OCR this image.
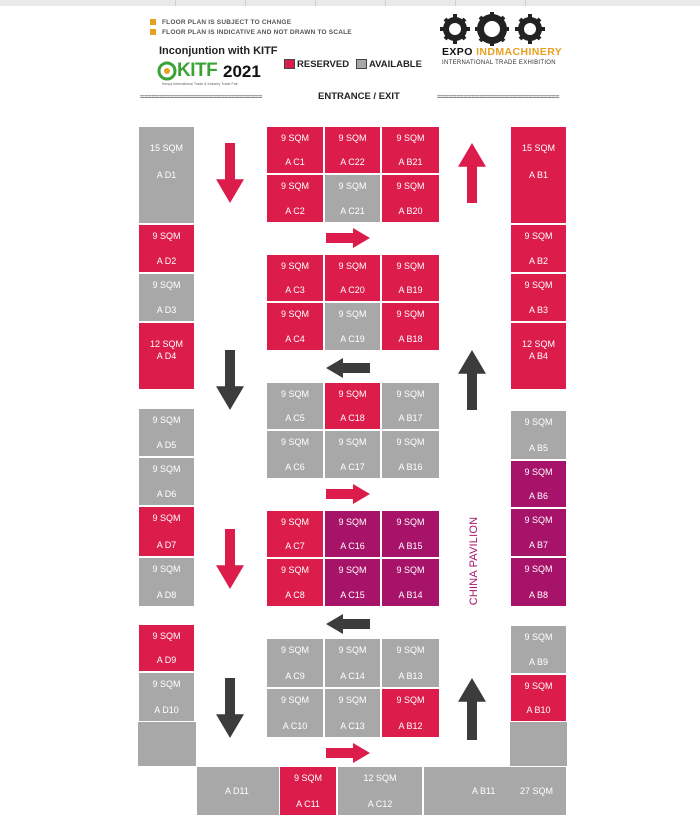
FLOOR PLAN IS SUBJECT TO CHANGE
FLOOR PLAN IS INDICATIVE AND NOT DRAWN TO SCALE
Inconjuntion with KITF
KITF 2021
Kenya International Trade & Industry Trade Fair
RESERVED AVAILABLE
================================	ENTRANCE / EXIT	================================
EXPO INDMACHINERY
INTERNATIONAL TRADE EXHIBITION
15 SQM
A D1
9 SQM
A D2
9 SQM
A D3
12 SQM
A D4
9 SQM
A D5
9 SQM
A D6
9 SQM
A D7
9 SQM
A D8
9 SQM
A D9
9 SQM
A D10
27 SQM	A D11
9 SQM
A C1
9 SQM
A C22
9 SQM
A B21
9 SQM
A C2
9 SQM
A C21
9 SQM
A B20
9 SQM
A C3
9 SQM
A C20
9 SQM
A B19
9 SQM
A C4
9 SQM
A C19
9 SQM
A B18
9 SQM
A C5
9 SQM
A C18
9 SQM
A B17
9 SQM
A C6
9 SQM
A C17
9 SQM
A B16
9 SQM
A C7
9 SQM
A C16
9 SQM
A B15
9 SQM
A C8
9 SQM
A C15
9 SQM
A B14
9 SQM
A C9
9 SQM
A C14
9 SQM
A B13
9 SQM
A C10
9 SQM
A C13
9 SQM
A B12
9 SQM
A C11
12 SQM
A C12
15 SQM
A B1
9 SQM
A B2
9 SQM
A B3
12 SQM
A B4
9 SQM
A B5
9 SQM
A B6
9 SQM
A B7
9 SQM
A B8
9 SQM
A B9
9 SQM
A B10
27 SQM
A B11
CHINA PAVILION
